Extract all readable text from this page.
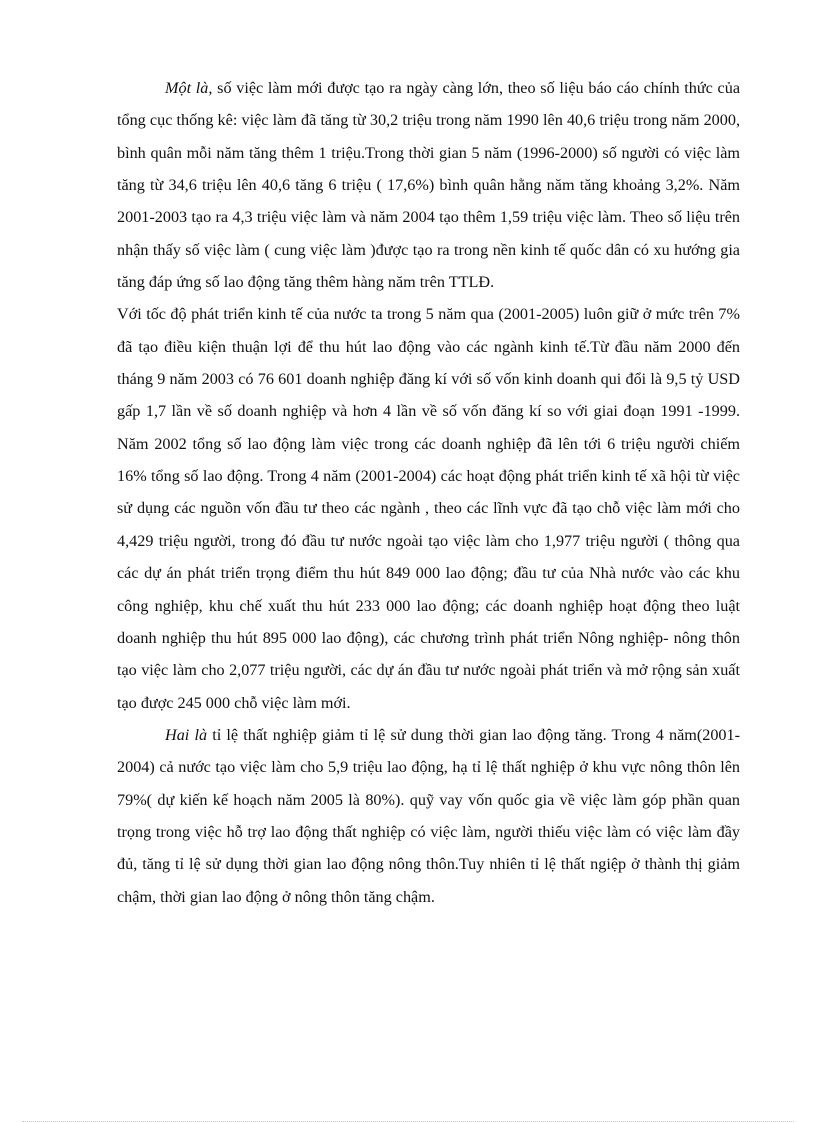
Một là, số việc làm mới được tạo ra ngày càng lớn, theo số liệu báo cáo chính thức của tổng cục thống kê: việc làm đã tăng từ 30,2 triệu trong năm 1990 lên 40,6 triệu trong năm 2000, bình quân mỗi năm tăng thêm 1 triệu.Trong thời gian 5 năm (1996-2000) số người có việc làm tăng từ 34,6 triệu lên 40,6 tăng 6 triệu ( 17,6%) bình quân hằng năm tăng khoảng 3,2%. Năm 2001-2003 tạo ra 4,3 triệu việc làm và năm 2004 tạo thêm 1,59 triệu việc làm. Theo số liệu trên nhận thấy số việc làm ( cung việc làm )được tạo ra trong nền kinh tế quốc dân có xu hướng gia tăng đáp ứng số lao động tăng thêm hàng năm trên TTLĐ.

Với tốc độ phát triển kinh tế của nước ta trong 5 năm qua (2001-2005) luôn giữ ở mức trên 7% đã tạo điều kiện thuận lợi để thu hút lao động vào các ngành kinh tế.Từ đầu năm 2000 đến tháng 9 năm 2003 có 76 601 doanh nghiệp đăng kí với số vốn kinh doanh qui đổi là 9,5 tỷ USD gấp 1,7 lần về số doanh nghiệp và hơn 4 lần về số vốn đăng kí so với giai đoạn 1991 -1999. Năm 2002 tổng số lao động làm việc trong các doanh nghiệp đã lên tới 6 triệu người chiếm 16% tổng số lao động. Trong 4 năm (2001-2004) các hoạt động phát triển kinh tế xã hội từ việc sử dụng các nguồn vốn đầu tư theo các ngành , theo các lĩnh vực đã tạo chỗ việc làm mới cho 4,429 triệu người, trong đó đầu tư nước ngoài tạo việc làm cho 1,977 triệu người ( thông qua các dự án phát triển trọng điểm thu hút 849 000 lao động; đầu tư của Nhà nước vào các khu công nghiệp, khu chế xuất thu hút 233 000 lao động; các doanh nghiệp hoạt động theo luật doanh nghiệp thu hút 895 000 lao động), các chương trình phát triển Nông nghiệp- nông thôn tạo việc làm cho 2,077 triệu người, các dự án đầu tư nước ngoài phát triển và mở rộng sản xuất tạo được 245 000 chỗ việc làm mới.

Hai là tỉ lệ thất nghiệp giảm tỉ lệ sử dung thời gian lao động tăng. Trong 4 năm(2001-2004) cả nước tạo việc làm cho 5,9 triệu lao động, hạ tỉ lệ thất nghiệp ở khu vực nông thôn lên 79%( dự kiến kế hoạch năm 2005 là 80%). quỹ vay vốn quốc gia về việc làm góp phần quan trọng trong việc hỗ trợ lao động thất nghiệp có việc làm, người thiếu việc làm có việc làm đầy đủ, tăng tỉ lệ sử dụng thời gian lao động nông thôn.Tuy nhiên tỉ lệ thất ngiệp ở thành thị giảm chậm, thời gian lao động ở nông thôn tăng chậm.
